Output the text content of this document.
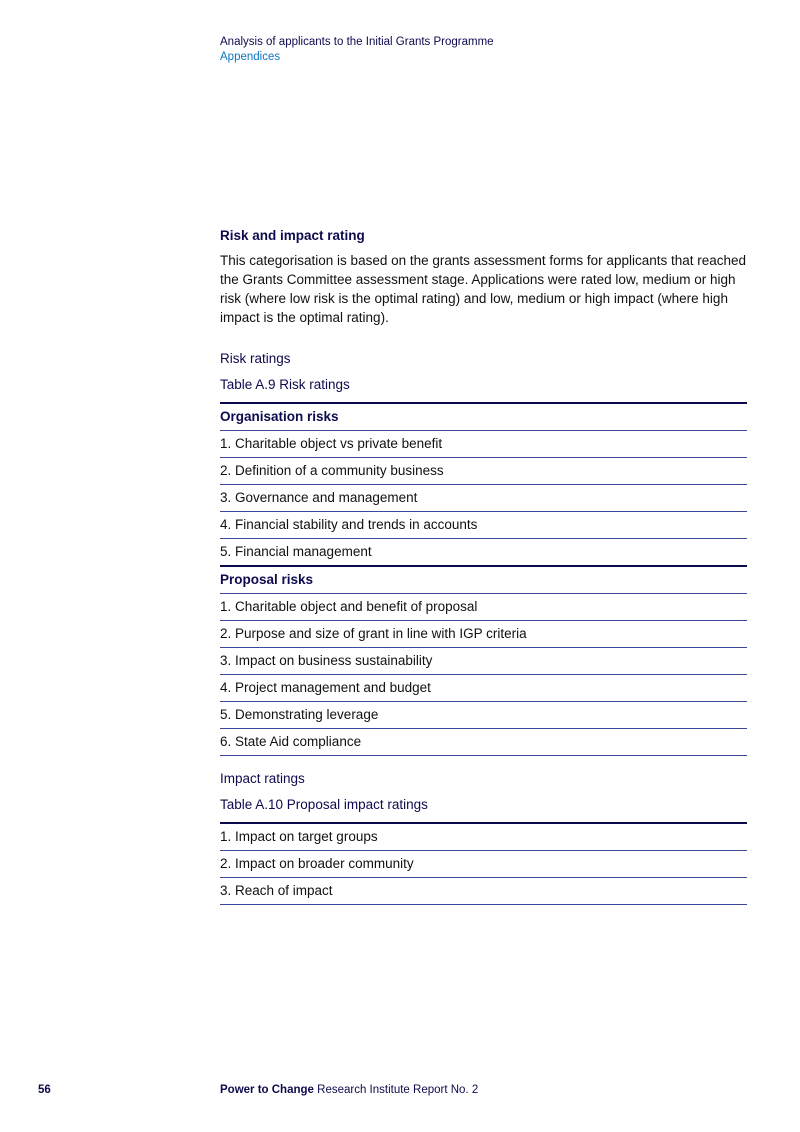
Analysis of applicants to the Initial Grants Programme
Appendices
Risk and impact rating

This categorisation is based on the grants assessment forms for applicants that reached the Grants Committee assessment stage. Applications were rated low, medium or high risk (where low risk is the optimal rating) and low, medium or high impact (where high impact is the optimal rating).

Risk ratings
Table A.9 Risk ratings
Organisation risks
1. Charitable object vs private benefit
2. Definition of a community business
3. Governance and management
4. Financial stability and trends in accounts
5. Financial management
Proposal risks
1. Charitable object and benefit of proposal
2. Purpose and size of grant in line with IGP criteria
3. Impact on business sustainability
4. Project management and budget
5. Demonstrating leverage
6. State Aid compliance
Impact ratings
Table A.10 Proposal impact ratings
1. Impact on target groups
2. Impact on broader community
3. Reach of impact
56	Power to Change Research Institute Report No. 2
